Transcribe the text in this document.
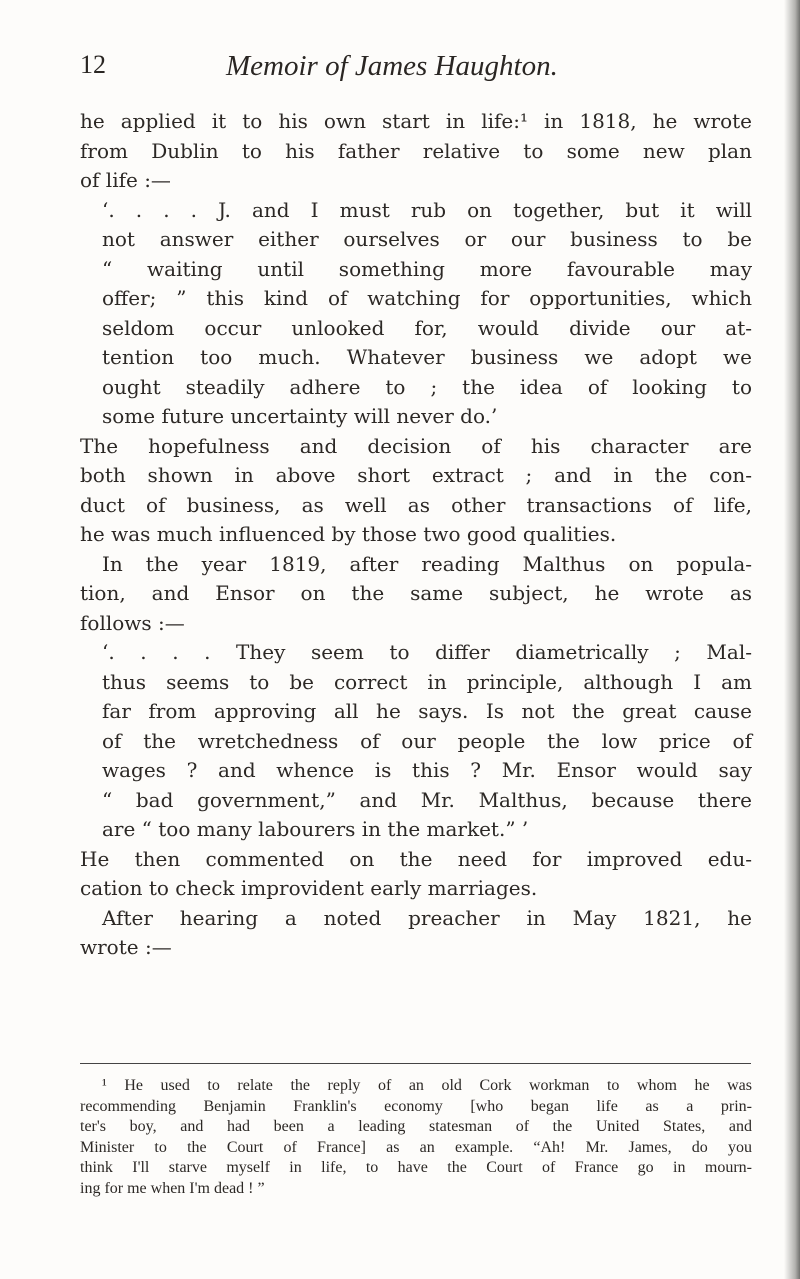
12	Memoir of James Haughton.
he applied it to his own start in life:¹ in 1818, he wrote
from Dublin to his father relative to some new plan
of life :—
‘. . . . J. and I must rub on together, but it will
not answer either ourselves or our business to be
“ waiting until something more favourable may
offer; ” this kind of watching for opportunities, which
seldom occur unlooked for, would divide our at-
tention too much. Whatever business we adopt we
ought steadily adhere to ; the idea of looking to
some future uncertainty will never do.’
The hopefulness and decision of his character are
both shown in above short extract ; and in the con-
duct of business, as well as other transactions of life,
he was much influenced by those two good qualities.
In the year 1819, after reading Malthus on popula-
tion, and Ensor on the same subject, he wrote as
follows :—
‘. . . . They seem to differ diametrically ; Mal-
thus seems to be correct in principle, although I am
far from approving all he says. Is not the great cause
of the wretchedness of our people the low price of
wages ? and whence is this ? Mr. Ensor would say
“ bad government,” and Mr. Malthus, because there
are “ too many labourers in the market.” ’
He then commented on the need for improved edu-
cation to check improvident early marriages.
After hearing a noted preacher in May 1821, he
wrote :—
¹ He used to relate the reply of an old Cork workman to whom he was
recommending Benjamin Franklin's economy [who began life as a prin-
ter's boy, and had been a leading statesman of the United States, and
Minister to the Court of France] as an example. “Ah! Mr. James, do you
think I'll starve myself in life, to have the Court of France go in mourn-
ing for me when I'm dead ! ”
